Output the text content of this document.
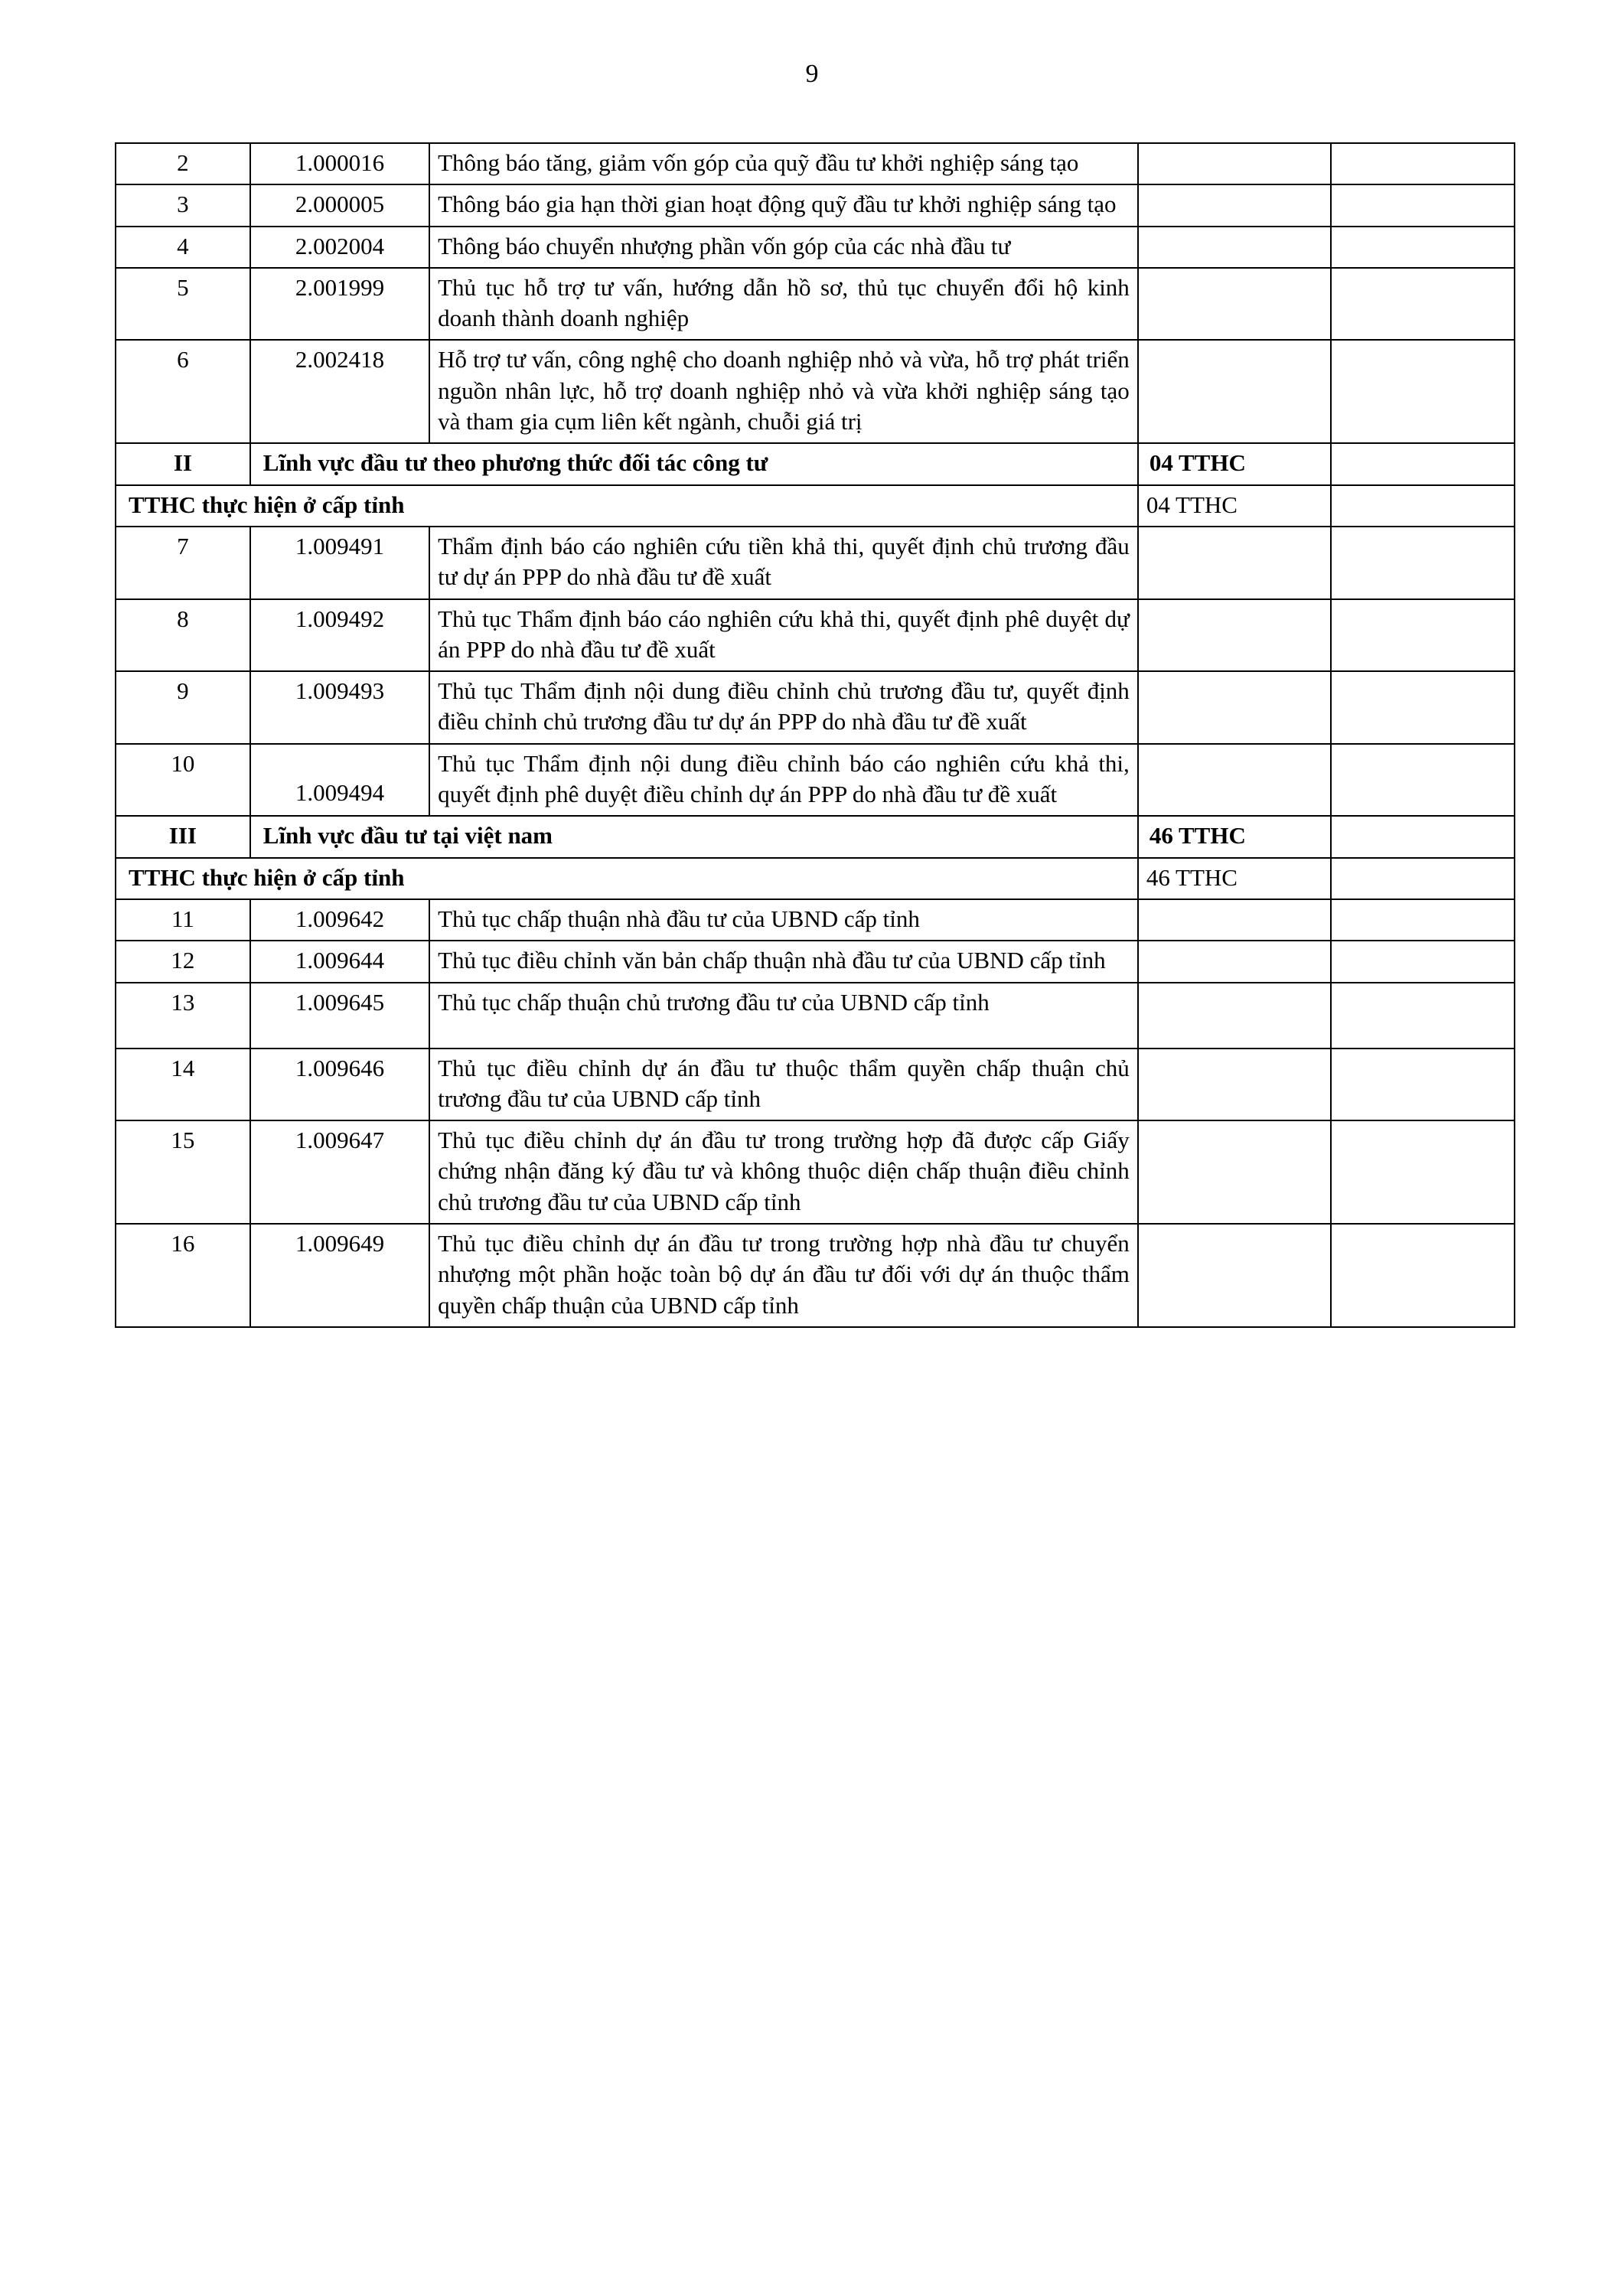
9
2	1.000016	Thông báo tăng, giảm vốn góp của quỹ đầu tư khởi nghiệp sáng tạo		
3	2.000005	Thông báo gia hạn thời gian hoạt động quỹ đầu tư khởi nghiệp sáng tạo		
4	2.002004	Thông báo chuyển nhượng phần vốn góp của các nhà đầu tư		
5	2.001999	Thủ tục hỗ trợ tư vấn, hướng dẫn hồ sơ, thủ tục chuyển đổi hộ kinh doanh thành doanh nghiệp		
6	2.002418	Hỗ trợ tư vấn, công nghệ cho doanh nghiệp nhỏ và vừa, hỗ trợ phát triển nguồn nhân lực, hỗ trợ doanh nghiệp nhỏ và vừa khởi nghiệp sáng tạo và tham gia cụm liên kết ngành, chuỗi giá trị		
II	Lĩnh vực đầu tư theo phương thức đối tác công tư		04 TTHC	
TTHC thực hiện ở cấp tỉnh			04 TTHC	
7	1.009491	Thẩm định báo cáo nghiên cứu tiền khả thi, quyết định chủ trương đầu tư dự án PPP do nhà đầu tư đề xuất		
8	1.009492	Thủ tục Thẩm định báo cáo nghiên cứu khả thi, quyết định phê duyệt dự án PPP do nhà đầu tư đề xuất		
9	1.009493	Thủ tục Thẩm định nội dung điều chỉnh chủ trương đầu tư, quyết định điều chỉnh chủ trương đầu tư dự án PPP do nhà đầu tư đề xuất		
10	1.009494	Thủ tục Thẩm định nội dung điều chỉnh báo cáo nghiên cứu khả thi, quyết định phê duyệt điều chỉnh dự án PPP do nhà đầu tư đề xuất		
III	Lĩnh vực đầu tư tại việt nam		46 TTHC	
TTHC thực hiện ở cấp tỉnh			46 TTHC	
11	1.009642	Thủ tục chấp thuận nhà đầu tư của UBND cấp tỉnh		
12	1.009644	Thủ tục điều chỉnh văn bản chấp thuận nhà đầu tư của UBND cấp tỉnh		
13	1.009645	Thủ tục chấp thuận chủ trương đầu tư của UBND cấp tỉnh		
14	1.009646	Thủ tục điều chỉnh dự án đầu tư thuộc thẩm quyền chấp thuận chủ trương đầu tư của UBND cấp tỉnh		
15	1.009647	Thủ tục điều chỉnh dự án đầu tư trong trường hợp đã được cấp Giấy chứng nhận đăng ký đầu tư và không thuộc diện chấp thuận điều chỉnh chủ trương đầu tư của UBND cấp tỉnh		
16	1.009649	Thủ tục điều chỉnh dự án đầu tư trong trường hợp nhà đầu tư chuyển nhượng một phần hoặc toàn bộ dự án đầu tư đối với dự án thuộc thẩm quyền chấp thuận của UBND cấp tỉnh		
